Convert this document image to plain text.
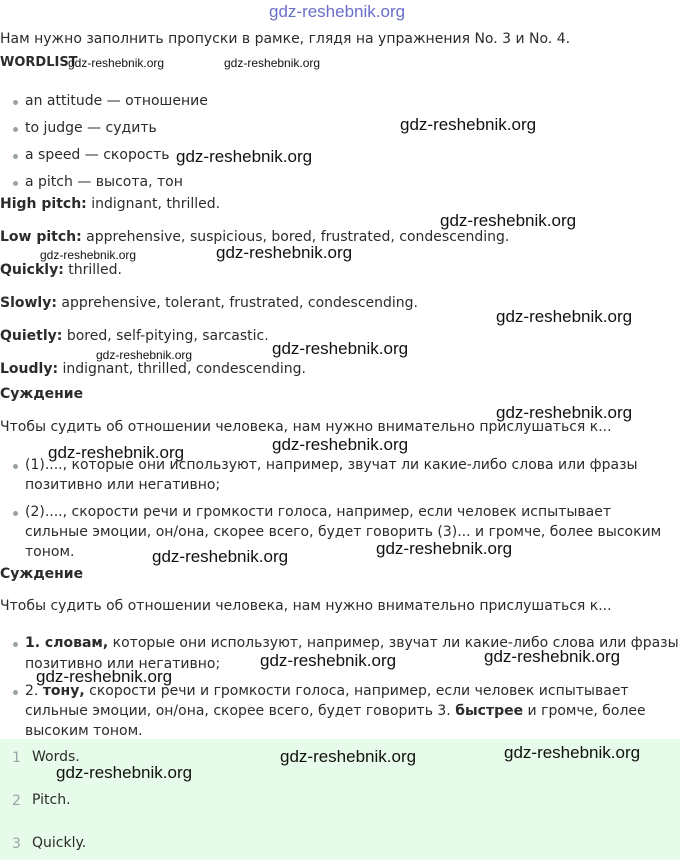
gdz-reshebnik.org
Нам нужно заполнить пропуски в рамке, глядя на упражнения No. 3 и No. 4.
WORDLIST
an attitude — отношение
to judge — судить
a speed — скорость
a pitch — высота, тон
High pitch: indignant, thrilled.
Low pitch: apprehensive, suspicious, bored, frustrated, condescending.
Quickly: thrilled.
Slowly: apprehensive, tolerant, frustrated, condescending.
Quietly: bored, self-pitying, sarcastic.
Loudly: indignant, thrilled, condescending.
Суждение
Чтобы судить об отношении человека, нам нужно внимательно прислушаться к...
(1)...., которые они используют, например, звучат ли какие-либо слова или фразы
позитивно или негативно;
(2)...., скорости речи и громкости голоса, например, если человек испытывает
сильные эмоции, он/она, скорее всего, будет говорить (3)... и громче, более высоким
тоном.
Суждение
Чтобы судить об отношении человека, нам нужно внимательно прислушаться к...
1. словам, которые они используют, например, звучат ли какие-либо слова или фразы
позитивно или негативно;
2. тону, скорости речи и громкости голоса, например, если человек испытывает
сильные эмоции, он/она, скорее всего, будет говорить 3. быстрее и громче, более
высоким тоном.
1 Words.
2 Pitch.
3 Quickly.
gdz-reshebnik.org	gdz-reshebnik.org
gdz-reshebnik.org
gdz-reshebnik.org
gdz-reshebnik.org
gdz-reshebnik.org	gdz-reshebnik.org
gdz-reshebnik.org
gdz-reshebnik.org	gdz-reshebnik.org
gdz-reshebnik.org
gdz-reshebnik.org	gdz-reshebnik.org
gdz-reshebnik.org
gdz-reshebnik.org
gdz-reshebnik.org	gdz-reshebnik.org
gdz-reshebnik.org
gdz-reshebnik.org	gdz-reshebnik.org
gdz-reshebnik.org
